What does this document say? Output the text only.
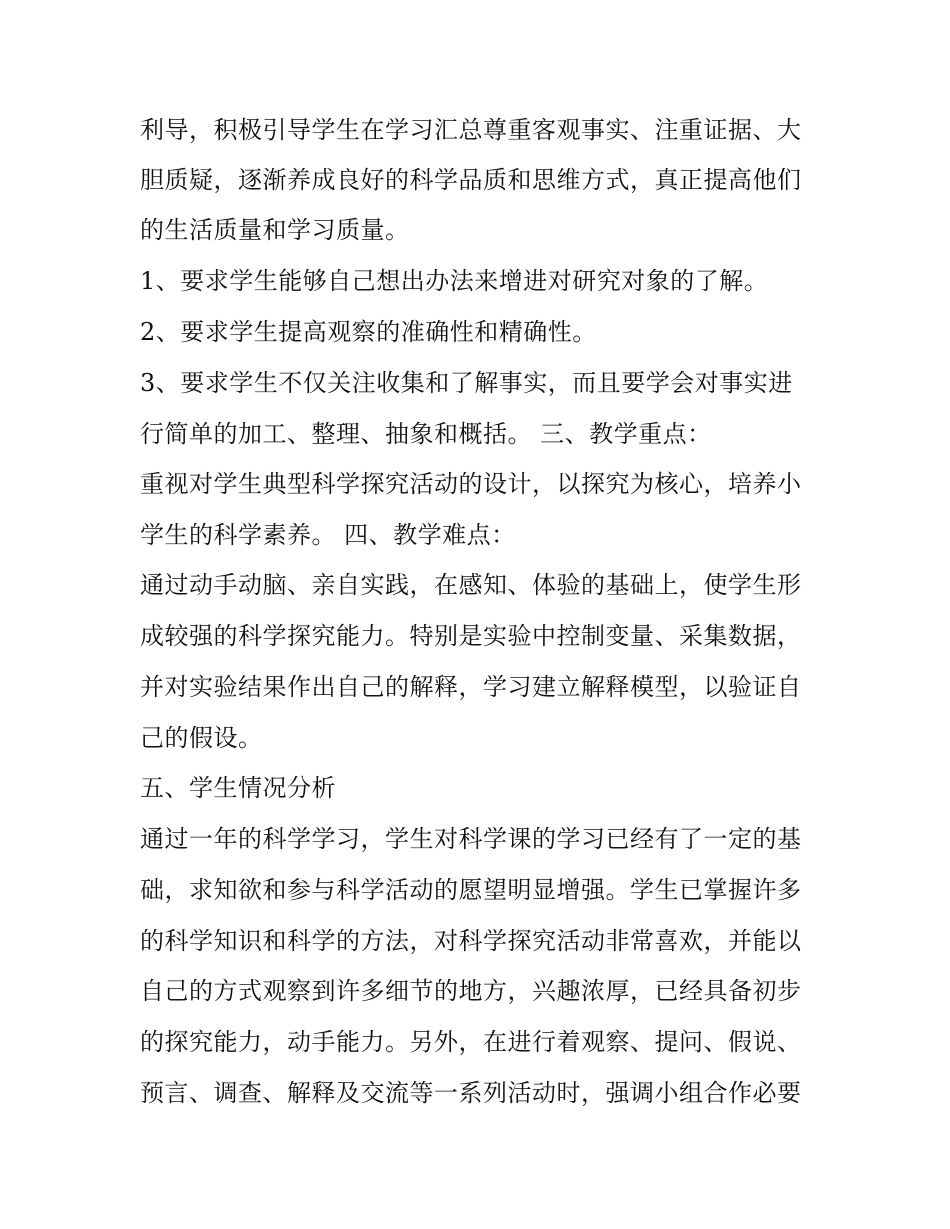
利导，积极引导学生在学习汇总尊重客观事实、注重证据、大
胆质疑，逐渐养成良好的科学品质和思维方式，真正提高他们
的生活质量和学习质量。
1、要求学生能够自己想出办法来增进对研究对象的了解。
2、要求学生提高观察的准确性和精确性。
3、要求学生不仅关注收集和了解事实，而且要学会对事实进
行简单的加工、整理、抽象和概括。 三、教学重点：
重视对学生典型科学探究活动的设计，以探究为核心，培养小
学生的科学素养。 四、教学难点：
通过动手动脑、亲自实践，在感知、体验的基础上，使学生形
成较强的科学探究能力。特别是实验中控制变量、采集数据，
并对实验结果作出自己的解释，学习建立解释模型，以验证自
己的假设。
五、学生情况分析
通过一年的科学学习，学生对科学课的学习已经有了一定的基
础，求知欲和参与科学活动的愿望明显增强。学生已掌握许多
的科学知识和科学的方法，对科学探究活动非常喜欢，并能以
自己的方式观察到许多细节的地方，兴趣浓厚，已经具备初步
的探究能力，动手能力。另外，在进行着观察、提问、假说、
预言、调查、解释及交流等一系列活动时，强调小组合作必要
